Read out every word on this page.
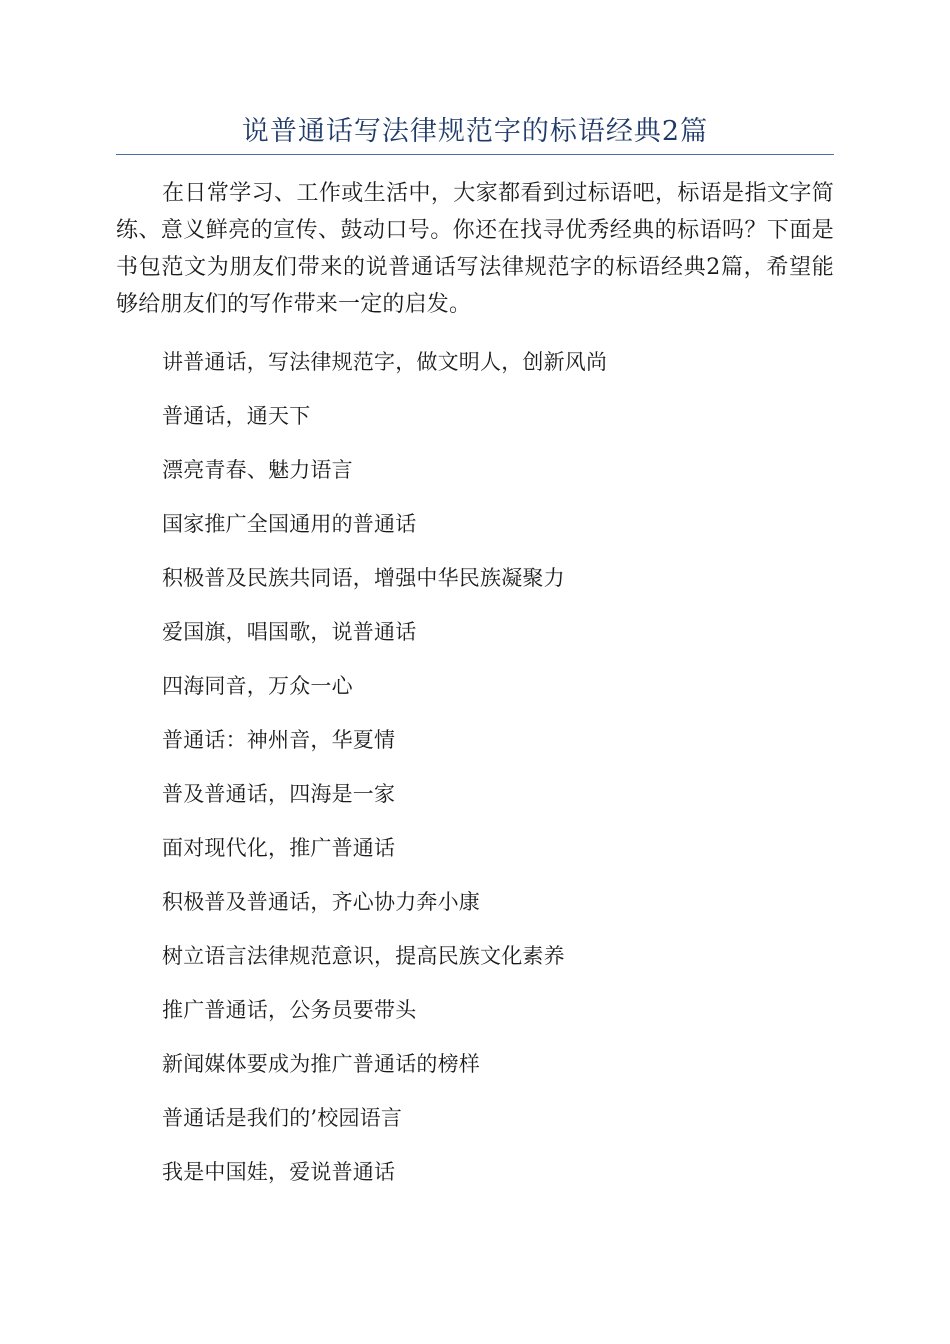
说普通话写法律规范字的标语经典2篇

在日常学习、工作或生活中，大家都看到过标语吧，标语是指文字简练、意义鲜亮的宣传、鼓动口号。你还在找寻优秀经典的标语吗？下面是书包范文为朋友们带来的说普通话写法律规范字的标语经典2篇，希望能够给朋友们的写作带来一定的启发。

讲普通话，写法律规范字，做文明人，创新风尚
普通话，通天下
漂亮青春、魅力语言
国家推广全国通用的普通话
积极普及民族共同语，增强中华民族凝聚力
爱国旗，唱国歌，说普通话
四海同音，万众一心
普通话：神州音，华夏情
普及普通话，四海是一家
面对现代化，推广普通话
积极普及普通话，齐心协力奔小康
树立语言法律规范意识，提高民族文化素养
推广普通话，公务员要带头
新闻媒体要成为推广普通话的榜样
普通话是我们的’校园语言
我是中国娃，爱说普通话
